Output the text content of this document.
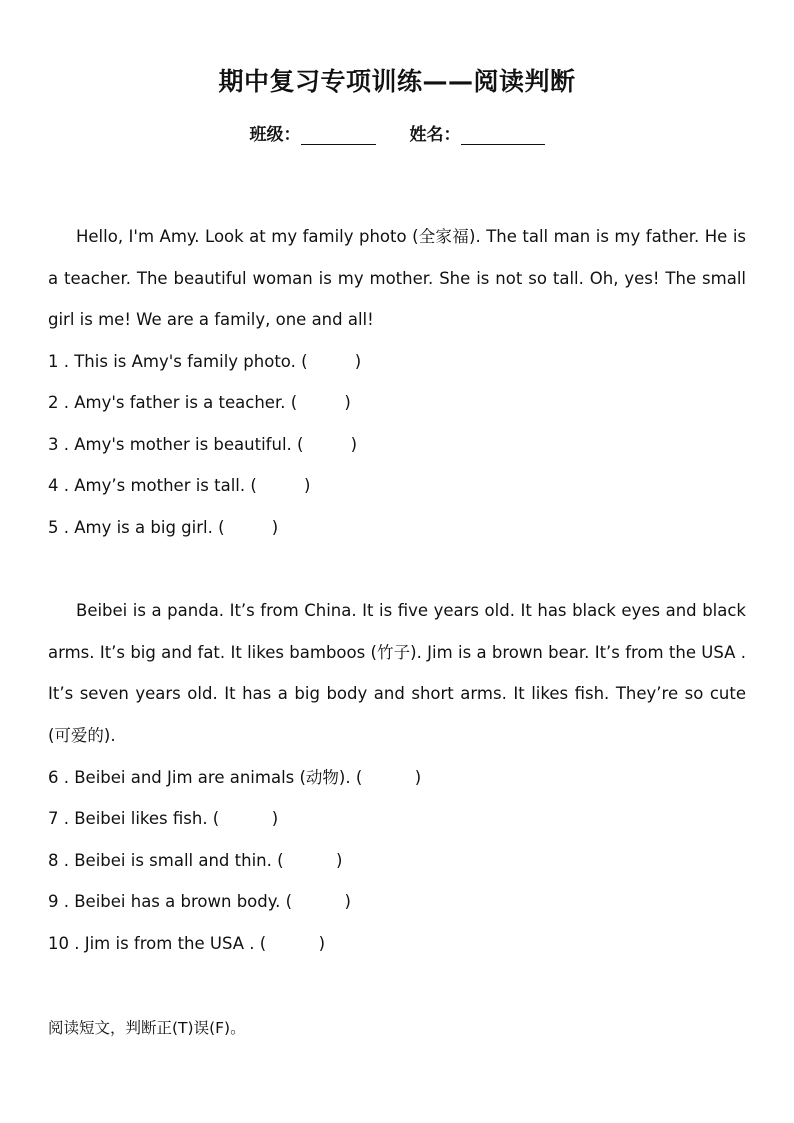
期中复习专项训练——阅读判断
班级：	姓名：

Hello, I'm Amy. Look at my family photo (全家福). The tall man is my father. He is a teacher. The beautiful woman is my mother. She is not so tall. Oh, yes! The small girl is me! We are a family, one and all!

1 . This is Amy's family photo. (         )
2 . Amy's father is a teacher. (         )
3 . Amy's mother is beautiful. (         )
4 . Amy’s mother is tall. (         )
5 . Amy is a big girl. (         )

Beibei is a panda. It’s from China. It is five years old. It has black eyes and black arms. It’s big and fat. It likes bamboos (竹子). Jim is a brown bear. It’s from the USA . It’s seven years old. It has a big body and short arms. It likes fish. They’re so cute (可爱的).

6 . Beibei and Jim are animals (动物). (          )
7 . Beibei likes fish. (          )
8 . Beibei is small and thin. (          )
9 . Beibei has a brown body. (          )
10 . Jim is from the USA . (          )
阅读短文，判断正(T)误(F)。
